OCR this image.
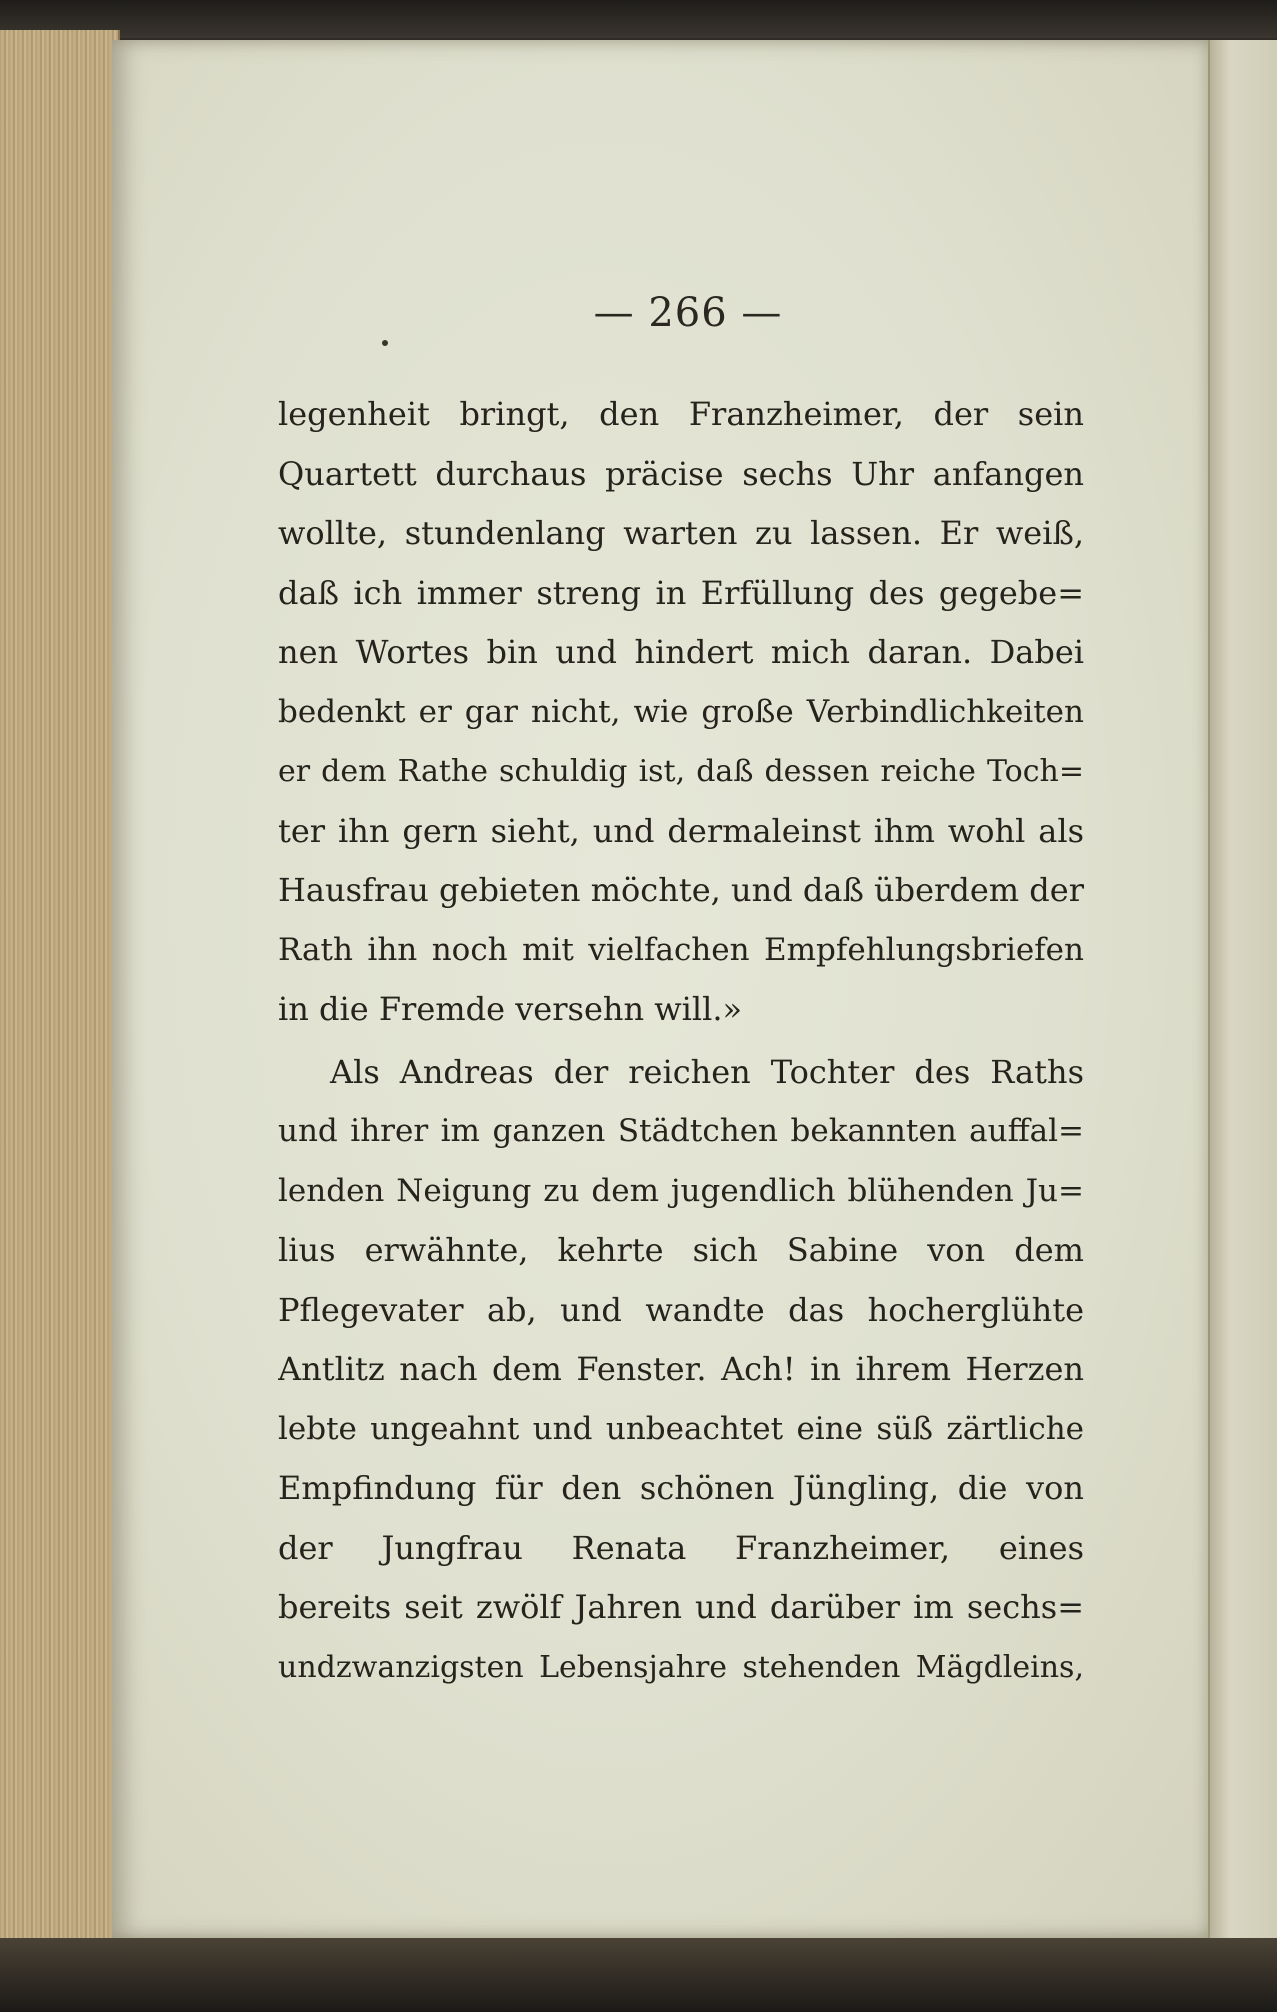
— 266 —
legenheit bringt, den Franzheimer, der sein
Quartett durchaus präcise sechs Uhr anfangen
wollte, stundenlang warten zu lassen. Er weiß,
daß ich immer streng in Erfüllung des gegebe=
nen Wortes bin und hindert mich daran. Dabei
bedenkt er gar nicht, wie große Verbindlichkeiten
er dem Rathe schuldig ist, daß dessen reiche Toch=
ter ihn gern sieht, und dermaleinst ihm wohl als
Hausfrau gebieten möchte, und daß überdem der
Rath ihn noch mit vielfachen Empfehlungsbriefen
in die Fremde versehn will.»
Als Andreas der reichen Tochter des Raths
und ihrer im ganzen Städtchen bekannten auffal=
lenden Neigung zu dem jugendlich blühenden Ju=
lius erwähnte, kehrte sich Sabine von dem
Pflegevater ab, und wandte das hocherglühte
Antlitz nach dem Fenster. Ach! in ihrem Herzen
lebte ungeahnt und unbeachtet eine süß zärtliche
Empfindung für den schönen Jüngling, die von
der Jungfrau Renata Franzheimer, eines
bereits seit zwölf Jahren und darüber im sechs=
undzwanzigsten Lebensjahre stehenden Mägdleins,
